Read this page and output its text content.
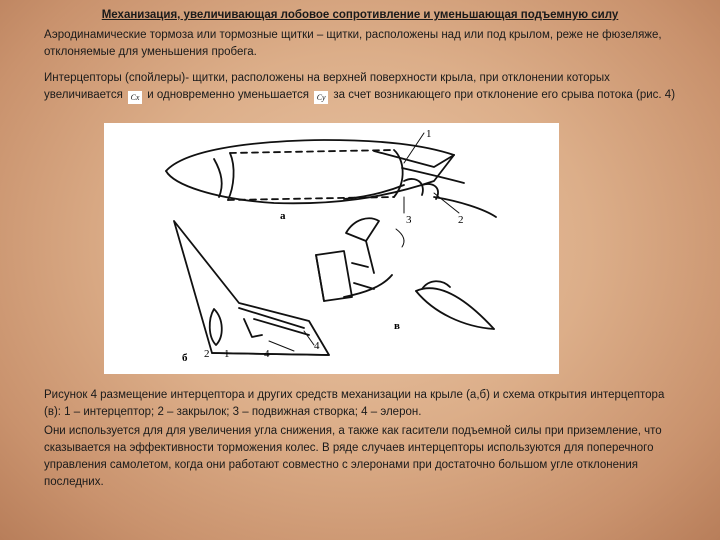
Механизация, увеличивающая лобовое сопротивление и уменьшающая подъемную силу
Аэродинамические тормоза или тормозные щитки – щитки, расположены над или под крылом, реже не фюзеляже, отклоняемые для уменьшения пробега.
Интерцепторы (спойлеры)- щитки, расположены на верхней поверхности крыла, при отклонении которых увеличивается Cx и одновременно уменьшается Cy за счет возникающего при отклонение его срыва потока (рис. 4)
1
2
3
а
б 2 1	4
в
4
Рисунок 4 размещение интерцептора и других средств механизации на крыле (а,б) и схема открытия интерцептора (в): 1 – интерцептор; 2 – закрылок; 3 – подвижная створка; 4 – элерон.
Они используется для для увеличения угла снижения, а также как гасители подъемной силы при приземление, что сказывается на эффективности торможения колес. В ряде случаев интерцепторы используются для поперечного управления самолетом, когда они работают совместно с элеронами при достаточно большом угле отклонения последних.
